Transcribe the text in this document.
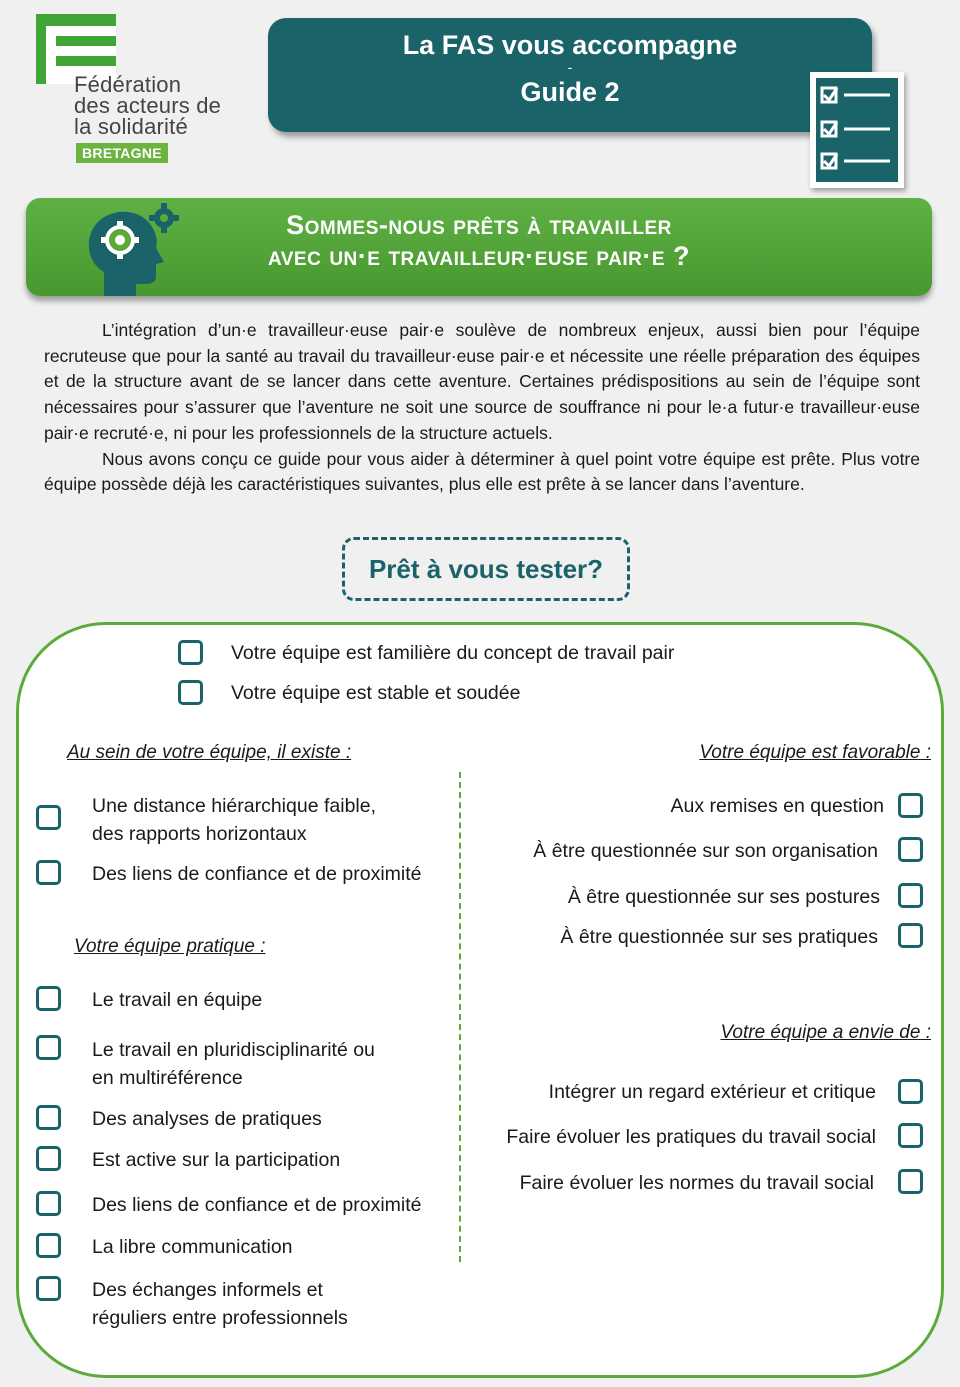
Fédération
des acteurs de
la solidarité
BRETAGNE
La FAS vous accompagne
-
Guide 2
Sommes-nous prêts à travailler
avec un·e travailleur·euse pair·e ?

L’intégration d’un·e travailleur·euse pair·e soulève de nombreux enjeux, aussi bien pour l’équipe recruteuse que pour la santé au travail du travailleur·euse pair·e et nécessite une réelle préparation des équipes et de la structure avant de se lancer dans cette aventure. Certaines prédispositions au sein de l’équipe sont nécessaires pour s’assurer que l’aventure ne soit une source de souffrance ni pour le·a futur·e travailleur·euse pair·e recruté·e, ni pour les professionnels de la structure actuels.

Nous avons conçu ce guide pour vous aider à déterminer à quel point votre équipe est prête. Plus votre équipe possède déjà les caractéristiques suivantes, plus elle est prête à se lancer dans l’aventure.

Prêt à vous tester?
Votre équipe est familière du concept de travail pair
Votre équipe est stable et soudée
Au sein de votre équipe, il existe :
Une distance hiérarchique faible,
des rapports horizontaux
Des liens de confiance et de proximité
Votre équipe pratique :
Le travail en équipe
Le travail en pluridisciplinarité ou
en multiréférence
Des analyses de pratiques
Est active sur la participation
Des liens de confiance et de proximité
La libre communication
Des échanges informels et
réguliers entre professionnels
Votre équipe est favorable :
Aux remises en question
À être questionnée sur son organisation
À être questionnée sur ses postures
À être questionnée sur ses pratiques
Votre équipe a envie de :
Intégrer un regard extérieur et critique
Faire évoluer les pratiques du travail social
Faire évoluer les normes du travail social
